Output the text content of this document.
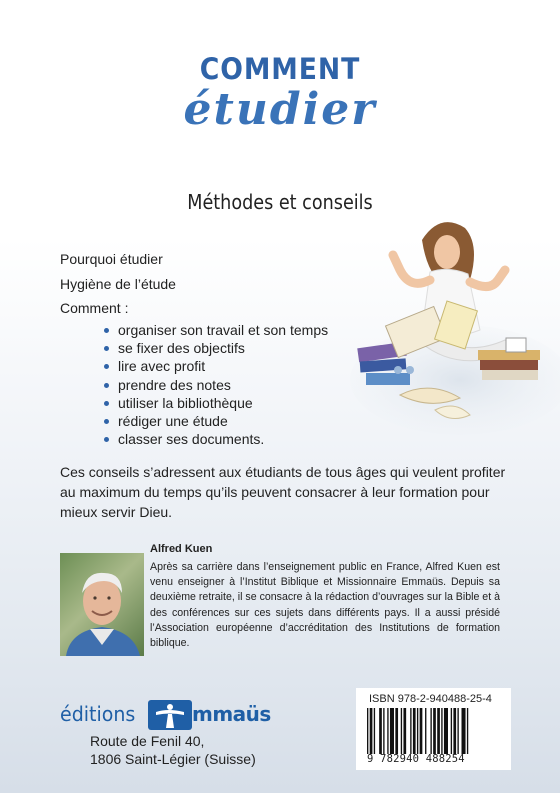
COMMENT
étudier
Méthodes et conseils
Pourquoi étudier
Hygiène de l’étude
Comment :
organiser son travail et son temps
se fixer des objectifs
lire avec profit
prendre des notes
utiliser la bibliothèque
rédiger une étude
classer ses documents.
Ces conseils s’adressent aux étudiants de tous âges qui veulent profiter au maximum du temps qu’ils peuvent consacrer à leur formation pour mieux servir Dieu.
Alfred Kuen
Après sa carrière dans l’enseignement public en France, Alfred Kuen est venu enseigner à l’Institut Biblique et Missionnaire Emmaüs. Depuis sa deuxième retraite, il se consacre à la rédaction d’ouvrages sur la Bible et à des conférences sur ces sujets dans différents pays. Il a aussi présidé l’Association européenne d’accréditation des Institutions de formation biblique.
éditions	mmaüs
Route de Fenil 40,
1806 Saint-Légier (Suisse)
ISBN 978-2-940488-25-4
9 782940 488254
